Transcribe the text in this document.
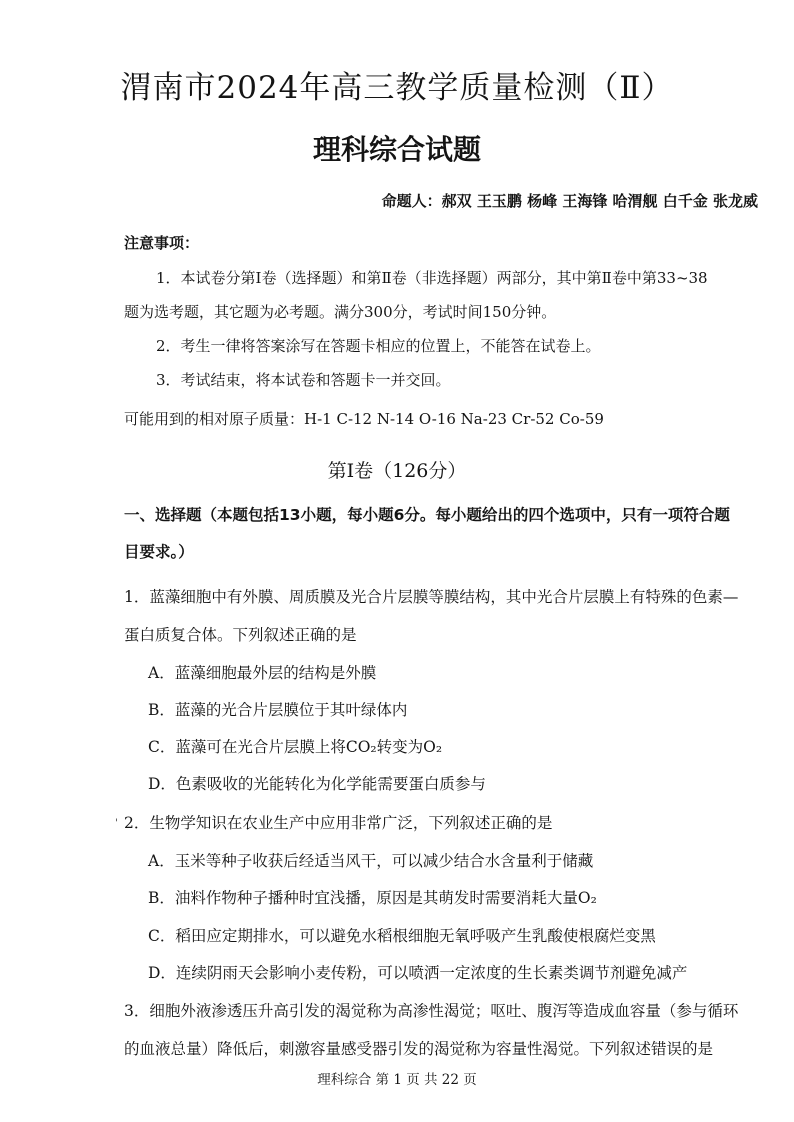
渭南市2024年高三教学质量检测（Ⅱ）
理科综合试题
命题人：郝双 王玉鹏 杨峰 王海锋 哈渭舰 白千金 张龙威
注意事项：
1．本试卷分第Ⅰ卷（选择题）和第Ⅱ卷（非选择题）两部分，其中第Ⅱ卷中第33~38
题为选考题，其它题为必考题。满分300分，考试时间150分钟。
2．考生一律将答案涂写在答题卡相应的位置上，不能答在试卷上。
3．考试结束，将本试卷和答题卡一并交回。
可能用到的相对原子质量：H-1 C-12 N-14 O-16 Na-23 Cr-52 Co-59
第Ⅰ卷（126分）
一、选择题（本题包括13小题，每小题6分。每小题给出的四个选项中，只有一项符合题
目要求。）
1．蓝藻细胞中有外膜、周质膜及光合片层膜等膜结构，其中光合片层膜上有特殊的色素—
蛋白质复合体。下列叙述正确的是
A．蓝藻细胞最外层的结构是外膜
B．蓝藻的光合片层膜位于其叶绿体内
C．蓝藻可在光合片层膜上将CO₂转变为O₂
D．色素吸收的光能转化为化学能需要蛋白质参与
' 2．生物学知识在农业生产中应用非常广泛，下列叙述正确的是
A．玉米等种子收获后经适当风干，可以减少结合水含量利于储藏
B．油料作物种子播种时宜浅播，原因是其萌发时需要消耗大量O₂
C．稻田应定期排水，可以避免水稻根细胞无氧呼吸产生乳酸使根腐烂变黑
D．连续阴雨天会影响小麦传粉，可以喷洒一定浓度的生长素类调节剂避免减产
3．细胞外液渗透压升高引发的渴觉称为高渗性渴觉；呕吐、腹泻等造成血容量（参与循环
的血液总量）降低后，刺激容量感受器引发的渴觉称为容量性渴觉。下列叙述错误的是
理科综合 第 1 页 共 22 页
